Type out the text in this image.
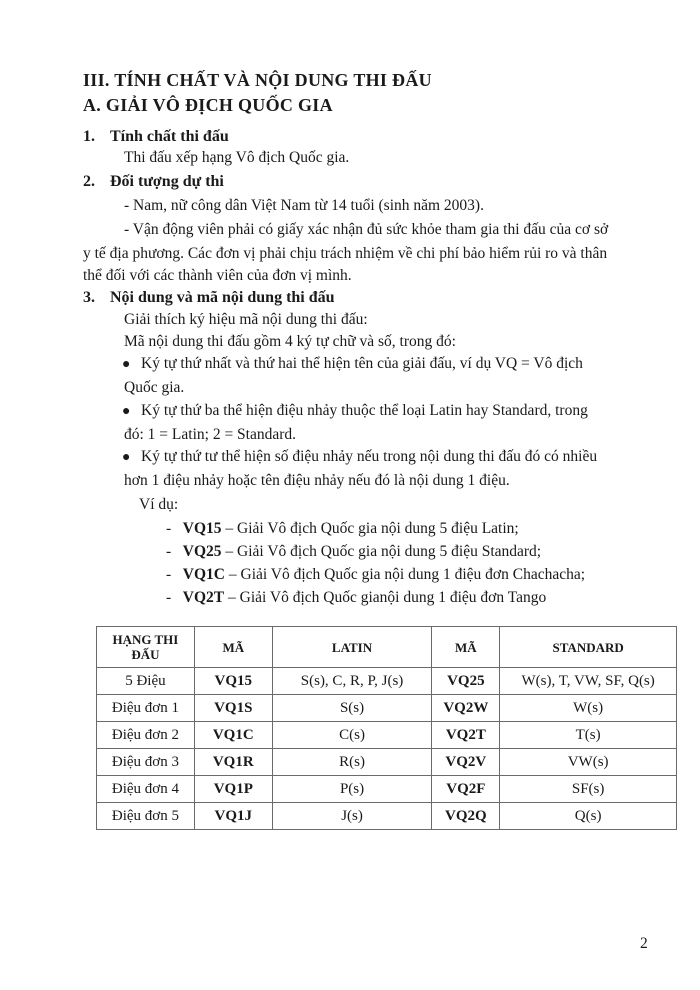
III. TÍNH CHẤT VÀ NỘI DUNG THI ĐẤU
A. GIẢI VÔ ĐỊCH QUỐC GIA
1. Tính chất thi đấu
Thi đấu xếp hạng Vô địch Quốc gia.
2. Đối tượng dự thi
- Nam, nữ công dân Việt Nam từ 14 tuổi (sinh năm 2003).
- Vận động viên phải có giấy xác nhận đủ sức khỏe tham gia thi đấu của cơ sở
y tế địa phương. Các đơn vị phải chịu trách nhiệm về chi phí bảo hiểm rủi ro và thân
thể đối với các thành viên của đơn vị mình.
3. Nội dung và mã nội dung thi đấu
Giải thích ký hiệu mã nội dung thi đấu:
Mã nội dung thi đấu gồm 4 ký tự chữ và số, trong đó:
● Ký tự thứ nhất và thứ hai thể hiện tên của giải đấu, ví dụ VQ = Vô địch
Quốc gia.
● Ký tự thứ ba thể hiện điệu nhảy thuộc thể loại Latin hay Standard, trong
đó: 1 = Latin; 2 = Standard.
● Ký tự thứ tư thể hiện số điệu nhảy nếu trong nội dung thi đấu đó có nhiều
hơn 1 điệu nhảy hoặc tên điệu nhảy nếu đó là nội dung 1 điệu.
Ví dụ:
-   VQ15 – Giải Vô địch Quốc gia nội dung 5 điệu Latin;
-   VQ25 – Giải Vô địch Quốc gia nội dung 5 điệu Standard;
-   VQ1C – Giải Vô địch Quốc gia nội dung 1 điệu đơn Chachacha;
-   VQ2T – Giải Vô địch Quốc gianội dung 1 điệu đơn Tango
HẠNG THI ĐẤU	MÃ	LATIN	MÃ	STANDARD
5 Điệu	VQ15	S(s), C, R, P, J(s)	VQ25	W(s), T, VW, SF, Q(s)
Điệu đơn 1	VQ1S	S(s)	VQ2W	W(s)
Điệu đơn 2	VQ1C	C(s)	VQ2T	T(s)
Điệu đơn 3	VQ1R	R(s)	VQ2V	VW(s)
Điệu đơn 4	VQ1P	P(s)	VQ2F	SF(s)
Điệu đơn 5	VQ1J	J(s)	VQ2Q	Q(s)
2
